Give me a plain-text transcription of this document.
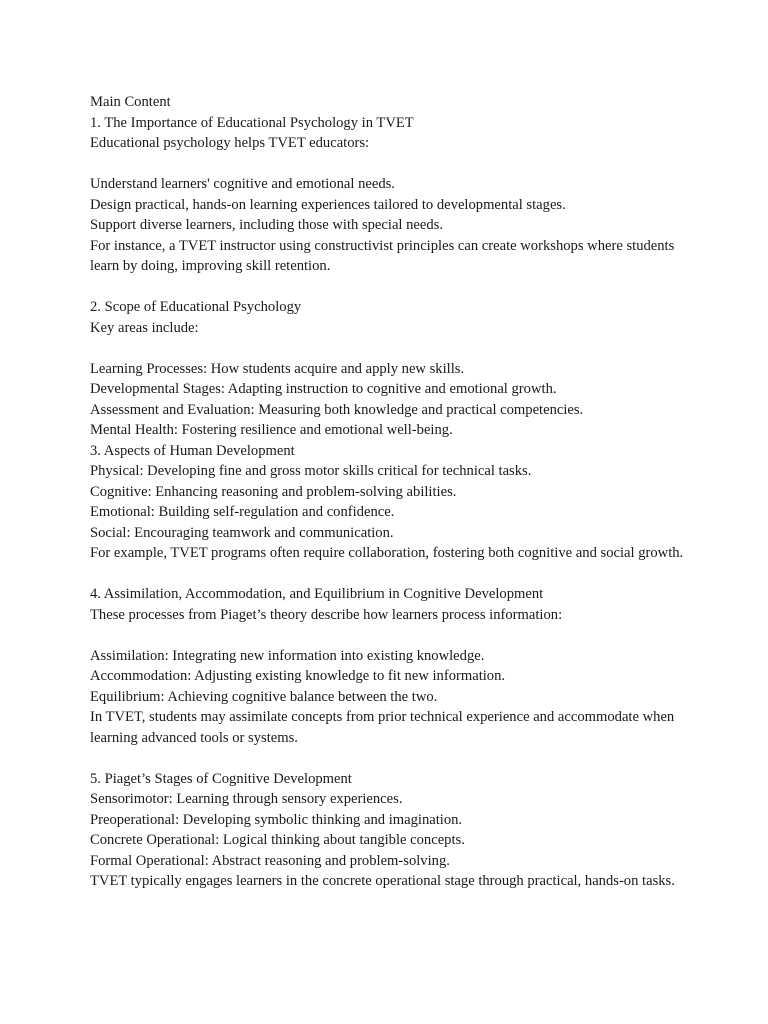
Main Content

1. The Importance of Educational Psychology in TVET

Educational psychology helps TVET educators:

Understand learners' cognitive and emotional needs.

Design practical, hands-on learning experiences tailored to developmental stages.

Support diverse learners, including those with special needs.

For instance, a TVET instructor using constructivist principles can create workshops where students learn by doing, improving skill retention.

2. Scope of Educational Psychology

Key areas include:

Learning Processes: How students acquire and apply new skills.

Developmental Stages: Adapting instruction to cognitive and emotional growth.

Assessment and Evaluation: Measuring both knowledge and practical competencies.

Mental Health: Fostering resilience and emotional well-being.

3. Aspects of Human Development

Physical: Developing fine and gross motor skills critical for technical tasks.

Cognitive: Enhancing reasoning and problem-solving abilities.

Emotional: Building self-regulation and confidence.

Social: Encouraging teamwork and communication.

For example, TVET programs often require collaboration, fostering both cognitive and social growth.

4. Assimilation, Accommodation, and Equilibrium in Cognitive Development

These processes from Piaget’s theory describe how learners process information:

Assimilation: Integrating new information into existing knowledge.

Accommodation: Adjusting existing knowledge to fit new information.

Equilibrium: Achieving cognitive balance between the two.

In TVET, students may assimilate concepts from prior technical experience and accommodate when learning advanced tools or systems.

5. Piaget’s Stages of Cognitive Development

Sensorimotor: Learning through sensory experiences.

Preoperational: Developing symbolic thinking and imagination.

Concrete Operational: Logical thinking about tangible concepts.

Formal Operational: Abstract reasoning and problem-solving.

TVET typically engages learners in the concrete operational stage through practical, hands-on tasks.
